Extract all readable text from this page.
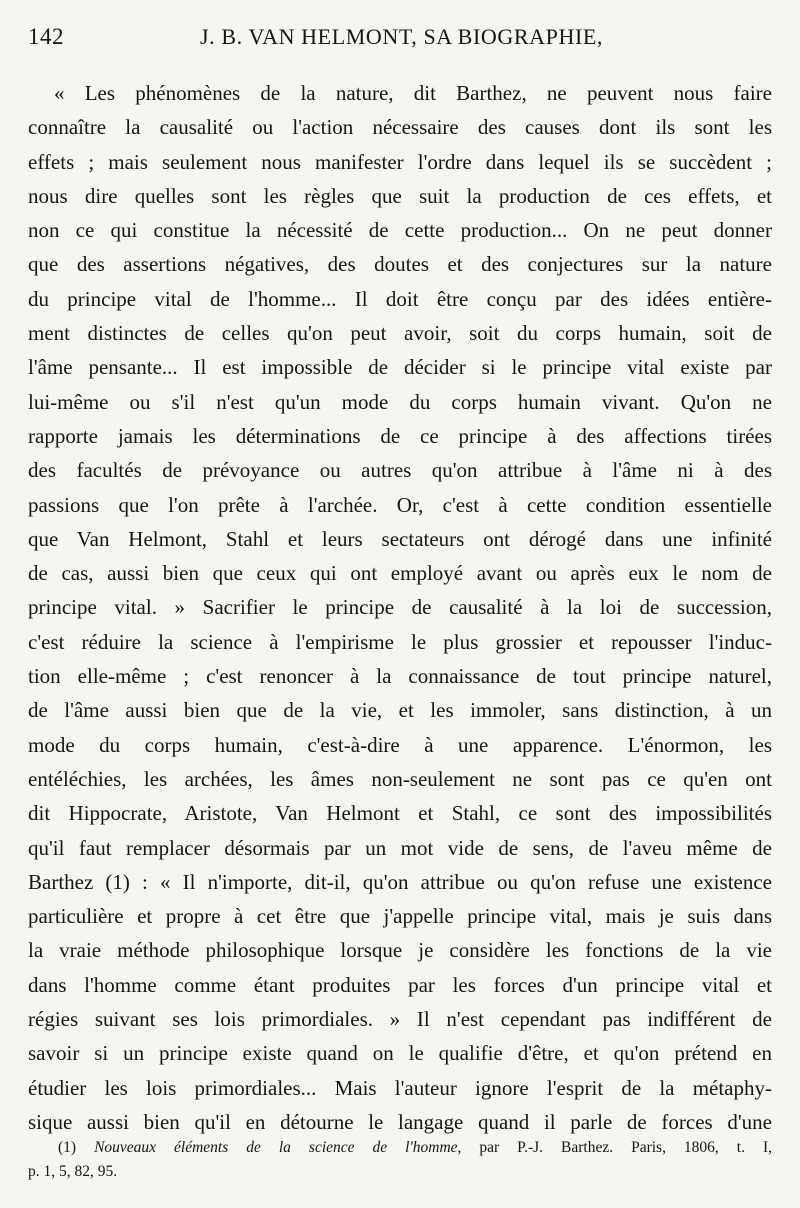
142	J. B. VAN HELMONT, SA BIOGRAPHIE,
« Les phénomènes de la nature, dit Barthez, ne peuvent nous faire
connaître la causalité ou l'action nécessaire des causes dont ils sont les
effets ; mais seulement nous manifester l'ordre dans lequel ils se succèdent ;
nous dire quelles sont les règles que suit la production de ces effets, et
non ce qui constitue la nécessité de cette production... On ne peut donner
que des assertions négatives, des doutes et des conjectures sur la nature
du principe vital de l'homme... Il doit être conçu par des idées entière-
ment distinctes de celles qu'on peut avoir, soit du corps humain, soit de
l'âme pensante... Il est impossible de décider si le principe vital existe par
lui-même ou s'il n'est qu'un mode du corps humain vivant. Qu'on ne
rapporte jamais les déterminations de ce principe à des affections tirées
des facultés de prévoyance ou autres qu'on attribue à l'âme ni à des
passions que l'on prête à l'archée. Or, c'est à cette condition essentielle
que Van Helmont, Stahl et leurs sectateurs ont dérogé dans une infinité
de cas, aussi bien que ceux qui ont employé avant ou après eux le nom de
principe vital. » Sacrifier le principe de causalité à la loi de succession,
c'est réduire la science à l'empirisme le plus grossier et repousser l'induc-
tion elle-même ; c'est renoncer à la connaissance de tout principe naturel,
de l'âme aussi bien que de la vie, et les immoler, sans distinction, à un
mode du corps humain, c'est-à-dire à une apparence. L'énormon, les
entéléchies, les archées, les âmes non-seulement ne sont pas ce qu'en ont
dit Hippocrate, Aristote, Van Helmont et Stahl, ce sont des impossibilités
qu'il faut remplacer désormais par un mot vide de sens, de l'aveu même de
Barthez (1) : « Il n'importe, dit-il, qu'on attribue ou qu'on refuse une existence
particulière et propre à cet être que j'appelle principe vital, mais je suis dans
la vraie méthode philosophique lorsque je considère les fonctions de la vie
dans l'homme comme étant produites par les forces d'un principe vital et
régies suivant ses lois primordiales. » Il n'est cependant pas indifférent de
savoir si un principe existe quand on le qualifie d'être, et qu'on prétend en
étudier les lois primordiales... Mais l'auteur ignore l'esprit de la métaphy-
sique aussi bien qu'il en détourne le langage quand il parle de forces d'une
(1) Nouveaux éléments de la science de l'homme, par P.-J. Barthez. Paris, 1806, t. I,
p. 1, 5, 82, 95.
